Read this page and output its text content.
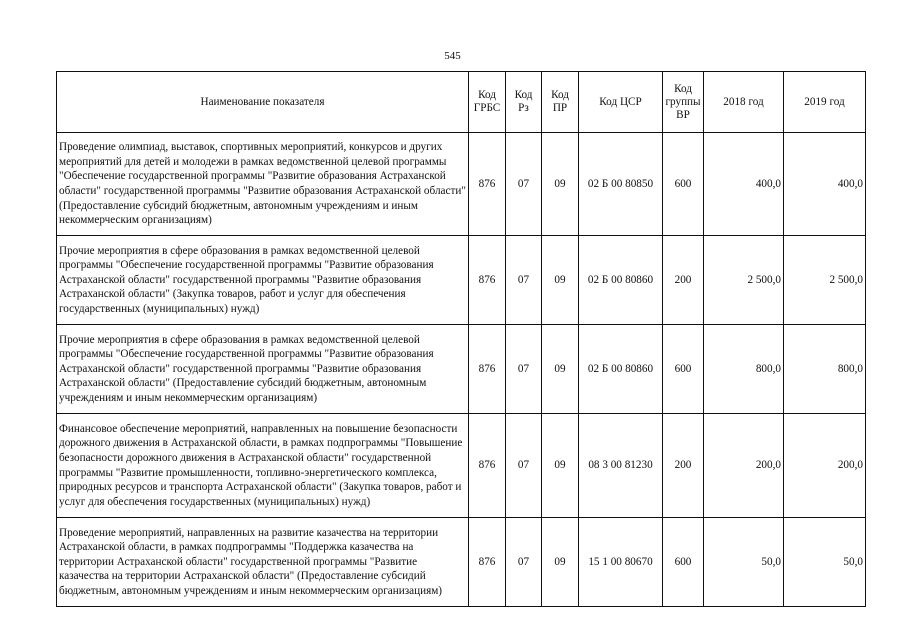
545
Наименование показателя	Код ГРБС	Код Рз	Код ПР	Код ЦСР	Код группы ВР	2018 год	2019 год
Проведение олимпиад, выставок, спортивных мероприятий, конкурсов и других мероприятий для детей и молодежи в рамках ведомственной целевой программы "Обеспечение государственной программы "Развитие образования Астраханской области" государственной программы "Развитие образования Астраханской области" (Предоставление субсидий бюджетным, автономным учреждениям и иным некоммерческим организациям)	876	07	09	02 Б 00 80850	600	400,0	400,0
Прочие мероприятия в сфере образования в рамках ведомственной целевой программы "Обеспечение государственной программы "Развитие образования Астраханской области" государственной программы "Развитие образования Астраханской области" (Закупка товаров, работ и услуг для обеспечения государственных (муниципальных) нужд)	876	07	09	02 Б 00 80860	200	2 500,0	2 500,0
Прочие мероприятия в сфере образования в рамках ведомственной целевой программы "Обеспечение государственной программы "Развитие образования Астраханской области" государственной программы "Развитие образования Астраханской области" (Предоставление субсидий бюджетным, автономным учреждениям и иным некоммерческим организациям)	876	07	09	02 Б 00 80860	600	800,0	800,0
Финансовое обеспечение мероприятий, направленных на повышение безопасности дорожного движения в Астраханской области, в рамках подпрограммы "Повышение безопасности дорожного движения в Астраханской области" государственной программы "Развитие промышленности, топливно-энергетического комплекса, природных ресурсов и транспорта Астраханской области" (Закупка товаров, работ и услуг для обеспечения государственных (муниципальных) нужд)	876	07	09	08 3 00 81230	200	200,0	200,0
Проведение мероприятий, направленных на развитие казачества на территории Астраханской области, в рамках подпрограммы "Поддержка казачества на территории Астраханской области" государственной программы "Развитие казачества на территории Астраханской области" (Предоставление субсидий бюджетным, автономным учреждениям и иным некоммерческим организациям)	876	07	09	15 1 00 80670	600	50,0	50,0
